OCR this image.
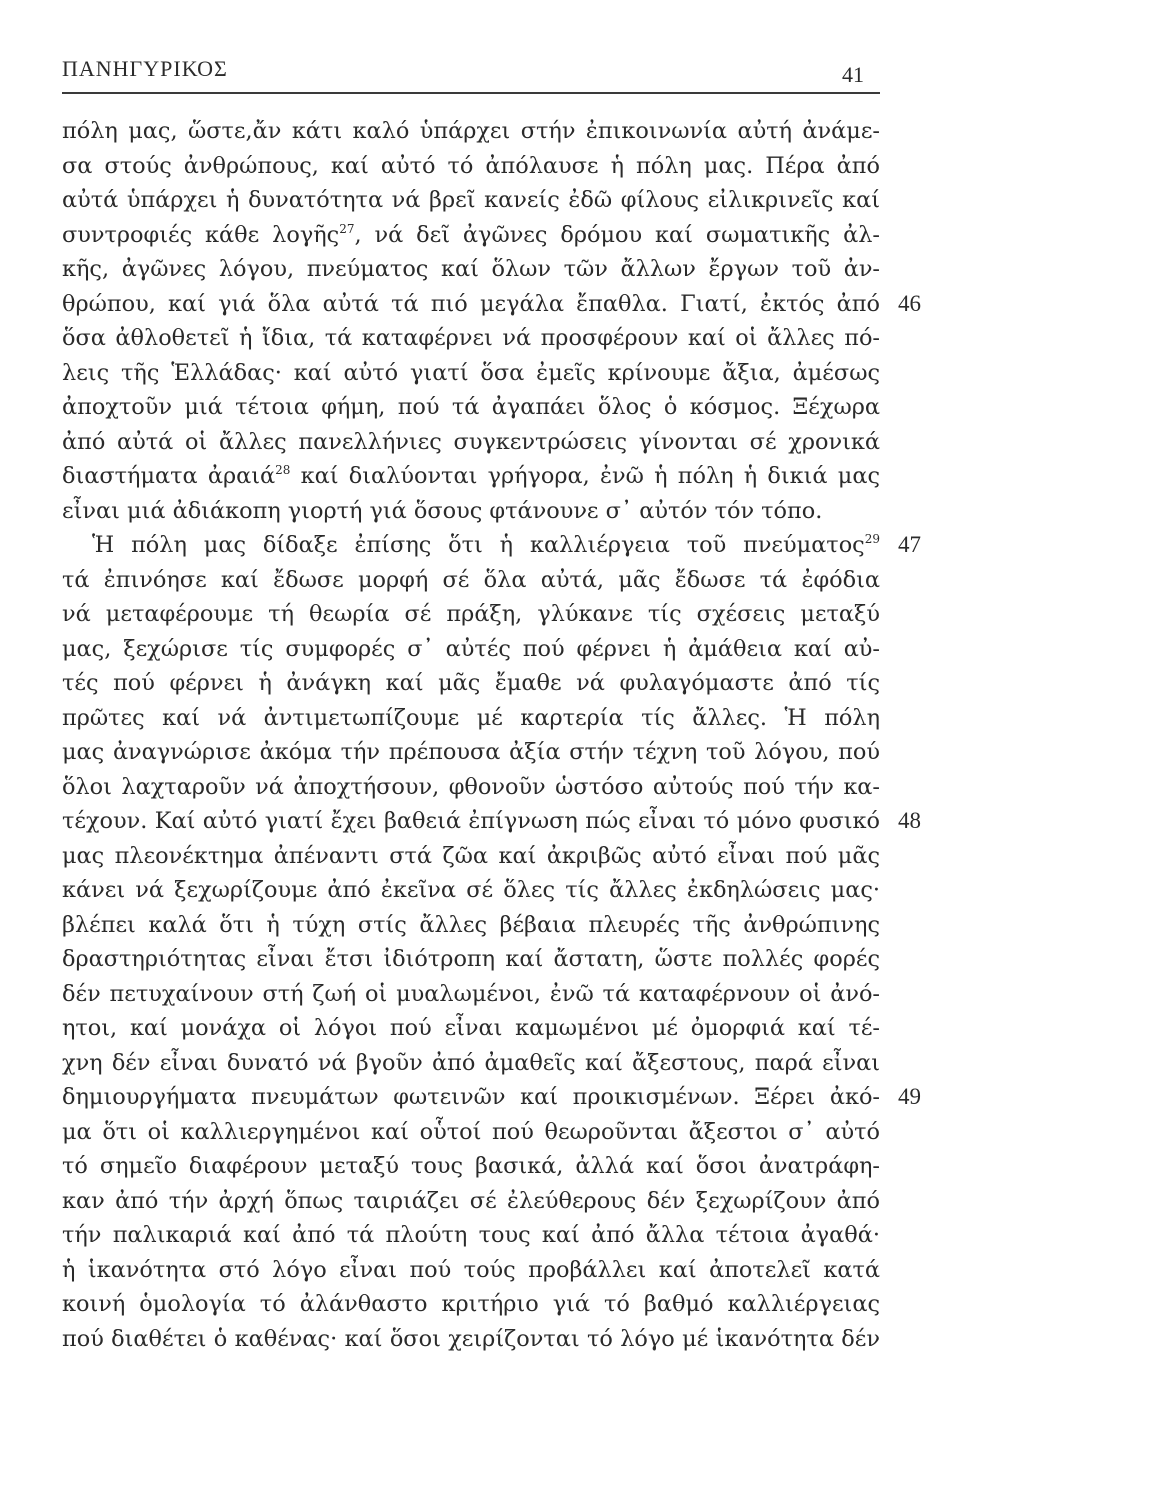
ΠΑΝΗΓΥΡΙΚΟΣ	41
πόλη μας, ὥστε,ἄν κάτι καλό ὑπάρχει στήν ἐπικοινωνία αὐτή ἀνάμε-
σα στούς ἀνθρώπους, καί αὐτό τό ἀπόλαυσε ἡ πόλη μας. Πέρα ἀπό
αὐτά ὑπάρχει ἡ δυνατότητα νά βρεῖ κανείς ἐδῶ φίλους εἰλικρινεῖς καί
συντροφιές κάθε λογῆς$^{27}$, νά δεῖ ἀγῶνες δρόμου καί σωματικῆς ἀλ-
κῆς, ἀγῶνες λόγου, πνεύματος καί ὅλων τῶν ἄλλων ἔργων τοῦ ἀν-
θρώπου, καί γιά ὅλα αὐτά τά πιό μεγάλα ἔπαθλα. Γιατί, ἐκτός ἀπό
ὅσα ἀθλοθετεῖ ἡ ἴδια, τά καταφέρνει νά προσφέρουν καί οἱ ἄλλες πό-
λεις τῆς Ἑλλάδας· καί αὐτό γιατί ὅσα ἐμεῖς κρίνουμε ἄξια, ἀμέσως
ἀποχτοῦν μιά τέτοια φήμη, πού τά ἀγαπάει ὅλος ὁ κόσμος. Ξέχωρα
ἀπό αὐτά οἱ ἄλλες πανελλήνιες συγκεντρώσεις γίνονται σέ χρονικά
διαστήματα ἀραιά$^{28}$ καί διαλύονται γρήγορα, ἐνῶ ἡ πόλη ἡ δικιά μας
εἶναι μιά ἀδιάκοπη γιορτή γιά ὅσους φτάνουνε σ᾿ αὐτόν τόν τόπο.
Ἡ πόλη μας δίδαξε ἐπίσης ὅτι ἡ καλλιέργεια τοῦ πνεύματος$^{29}$
τά ἐπινόησε καί ἔδωσε μορφή σέ ὅλα αὐτά, μᾶς ἔδωσε τά ἐφόδια
νά μεταφέρουμε τή θεωρία σέ πράξη, γλύκανε τίς σχέσεις μεταξύ
μας, ξεχώρισε τίς συμφορές σ᾿ αὐτές πού φέρνει ἡ ἀμάθεια καί αὐ-
τές πού φέρνει ἡ ἀνάγκη καί μᾶς ἔμαθε νά φυλαγόμαστε ἀπό τίς
πρῶτες καί νά ἀντιμετωπίζουμε μέ καρτερία τίς ἄλλες. Ἡ πόλη
μας ἀναγνώρισε ἀκόμα τήν πρέπουσα ἀξία στήν τέχνη τοῦ λόγου, πού
ὅλοι λαχταροῦν νά ἀποχτήσουν, φθονοῦν ὡστόσο αὐτούς πού τήν κα-
τέχουν. Καί αὐτό γιατί ἔχει βαθειά ἐπίγνωση πώς εἶναι τό μόνο φυσικό
μας πλεονέκτημα ἀπέναντι στά ζῶα καί ἀκριβῶς αὐτό εἶναι πού μᾶς
κάνει νά ξεχωρίζουμε ἀπό ἐκεῖνα σέ ὅλες τίς ἄλλες ἐκδηλώσεις μας·
βλέπει καλά ὅτι ἡ τύχη στίς ἄλλες βέβαια πλευρές τῆς ἀνθρώπινης
δραστηριότητας εἶναι ἔτσι ἰδιότροπη καί ἄστατη, ὥστε πολλές φορές
δέν πετυχαίνουν στή ζωή οἱ μυαλωμένοι, ἐνῶ τά καταφέρνουν οἱ ἀνό-
ητοι, καί μονάχα οἱ λόγοι πού εἶναι καμωμένοι μέ ὀμορφιά καί τέ-
χνη δέν εἶναι δυνατό νά βγοῦν ἀπό ἀμαθεῖς καί ἄξεστους, παρά εἶναι
δημιουργήματα πνευμάτων φωτεινῶν καί προικισμένων. Ξέρει ἀκό-
μα ὅτι οἱ καλλιεργημένοι καί οὗτοί πού θεωροῦνται ἄξεστοι σ᾿ αὐτό
τό σημεῖο διαφέρουν μεταξύ τους βασικά, ἀλλά καί ὅσοι ἀνατράφη-
καν ἀπό τήν ἀρχή ὅπως ταιριάζει σέ ἐλεύθερους δέν ξεχωρίζουν ἀπό
τήν παλικαριά καί ἀπό τά πλούτη τους καί ἀπό ἄλλα τέτοια ἀγαθά·
ἡ ἱκανότητα στό λόγο εἶναι πού τούς προβάλλει καί ἀποτελεῖ κατά
κοινή ὁμολογία τό ἀλάνθαστο κριτήριο γιά τό βαθμό καλλιέργειας
πού διαθέτει ὁ καθένας· καί ὅσοι χειρίζονται τό λόγο μέ ἱκανότητα δέν
46
47
48
49
